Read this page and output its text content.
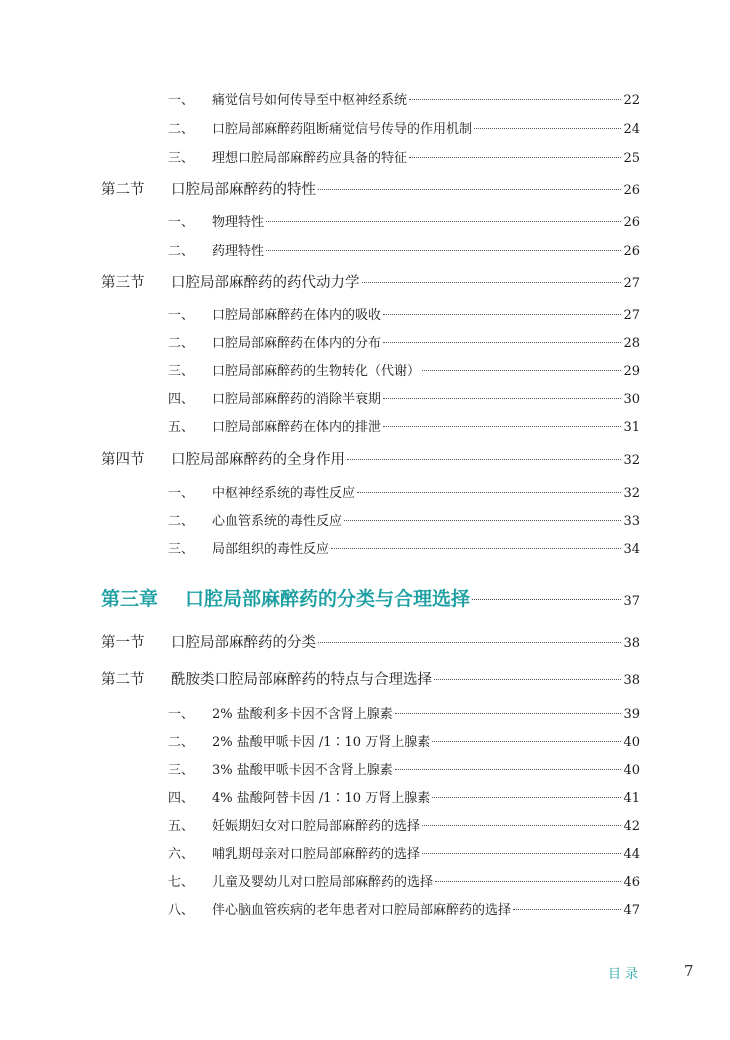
一、	痛觉信号如何传导至中枢神经系统	22
二、	口腔局部麻醉药阻断痛觉信号传导的作用机制	24
三、	理想口腔局部麻醉药应具备的特征	25
第二节	口腔局部麻醉药的特性	26
一、	物理特性	26
二、	药理特性	26
第三节	口腔局部麻醉药的药代动力学	27
一、	口腔局部麻醉药在体内的吸收	27
二、	口腔局部麻醉药在体内的分布	28
三、	口腔局部麻醉药的生物转化（代谢）	29
四、	口腔局部麻醉药的消除半衰期	30
五、	口腔局部麻醉药在体内的排泄	31
第四节	口腔局部麻醉药的全身作用	32
一、	中枢神经系统的毒性反应	32
二、	心血管系统的毒性反应	33
三、	局部组织的毒性反应	34
第三章	口腔局部麻醉药的分类与合理选择	37
第一节	口腔局部麻醉药的分类	38
第二节	酰胺类口腔局部麻醉药的特点与合理选择	38
一、	2% 盐酸利多卡因不含肾上腺素	39
二、	2% 盐酸甲哌卡因 /1∶10 万肾上腺素	40
三、	3% 盐酸甲哌卡因不含肾上腺素	40
四、	4% 盐酸阿替卡因 /1∶10 万肾上腺素	41
五、	妊娠期妇女对口腔局部麻醉药的选择	42
六、	哺乳期母亲对口腔局部麻醉药的选择	44
七、	儿童及婴幼儿对口腔局部麻醉药的选择	46
八、	伴心脑血管疾病的老年患者对口腔局部麻醉药的选择	47
目录	7
